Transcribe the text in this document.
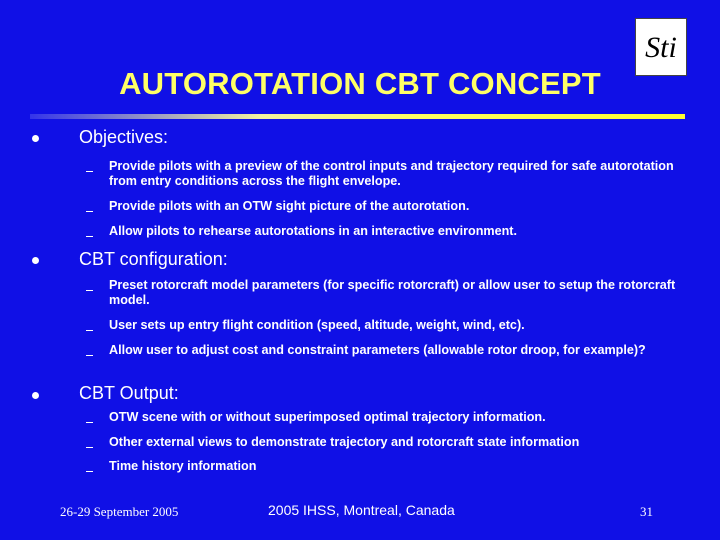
Sti
AUTOROTATION CBT CONCEPT
Objectives:
Provide pilots with a preview of the control inputs and trajectory required for safe autorotation from entry conditions across the flight envelope.
Provide pilots with an OTW sight picture of the autorotation.
Allow pilots to rehearse autorotations in an interactive environment.
CBT configuration:
Preset rotorcraft model parameters (for specific rotorcraft) or allow user to setup the rotorcraft model.
User sets up entry flight condition (speed, altitude, weight, wind, etc).
Allow user to adjust cost and constraint parameters (allowable rotor droop, for example)?
CBT Output:
OTW scene with or without superimposed optimal trajectory information.
Other external views to demonstrate trajectory and rotorcraft state information
Time history information
26-29 September 2005	2005 IHSS, Montreal, Canada	31
